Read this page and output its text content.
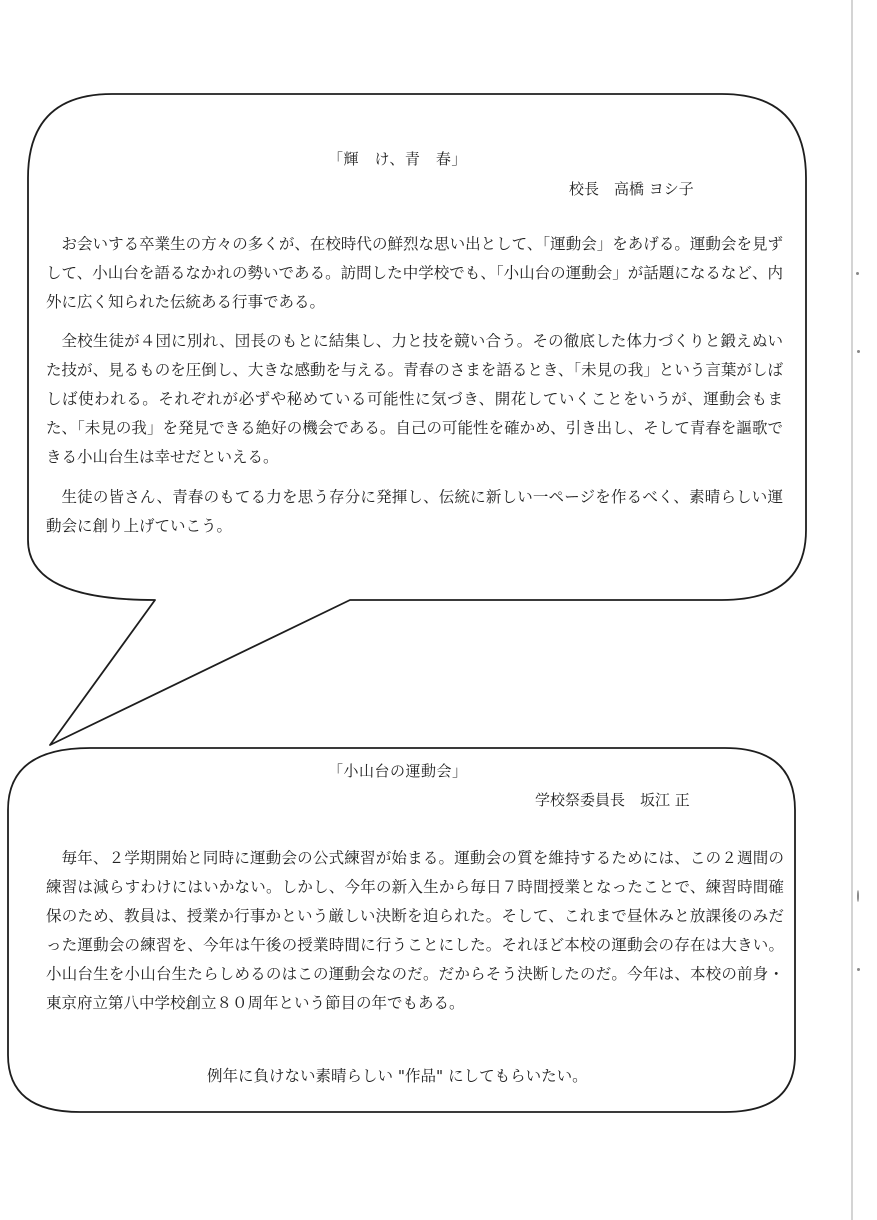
「輝　け、青　春」
校長　高橋 ヨシ子

お会いする卒業生の方々の多くが、在校時代の鮮烈な思い出として、「運動会」をあげる。運動会を見ずして、小山台を語るなかれの勢いである。訪問した中学校でも、「小山台の運動会」が話題になるなど、内外に広く知られた伝統ある行事である。

全校生徒が４団に別れ、団長のもとに結集し、力と技を競い合う。その徹底した体力づくりと鍛えぬいた技が、見るものを圧倒し、大きな感動を与える。青春のさまを語るとき、「未見の我」という言葉がしばしば使われる。それぞれが必ずや秘めている可能性に気づき、開花していくことをいうが、運動会もまた、「未見の我」を発見できる絶好の機会である。自己の可能性を確かめ、引き出し、そして青春を謳歌できる小山台生は幸せだといえる。

生徒の皆さん、青春のもてる力を思う存分に発揮し、伝統に新しい一ページを作るべく、素晴らしい運動会に創り上げていこう。

「小山台の運動会」
学校祭委員長　坂江 正

毎年、２学期開始と同時に運動会の公式練習が始まる。運動会の質を維持するためには、この２週間の練習は減らすわけにはいかない。しかし、今年の新入生から毎日７時間授業となったことで、練習時間確保のため、教員は、授業か行事かという厳しい決断を迫られた。そして、これまで昼休みと放課後のみだった運動会の練習を、今年は午後の授業時間に行うことにした。それほど本校の運動会の存在は大きい。小山台生を小山台生たらしめるのはこの運動会なのだ。だからそう決断したのだ。今年は、本校の前身・東京府立第八中学校創立８０周年という節目の年でもある。

例年に負けない素晴らしい "作品" にしてもらいたい。
